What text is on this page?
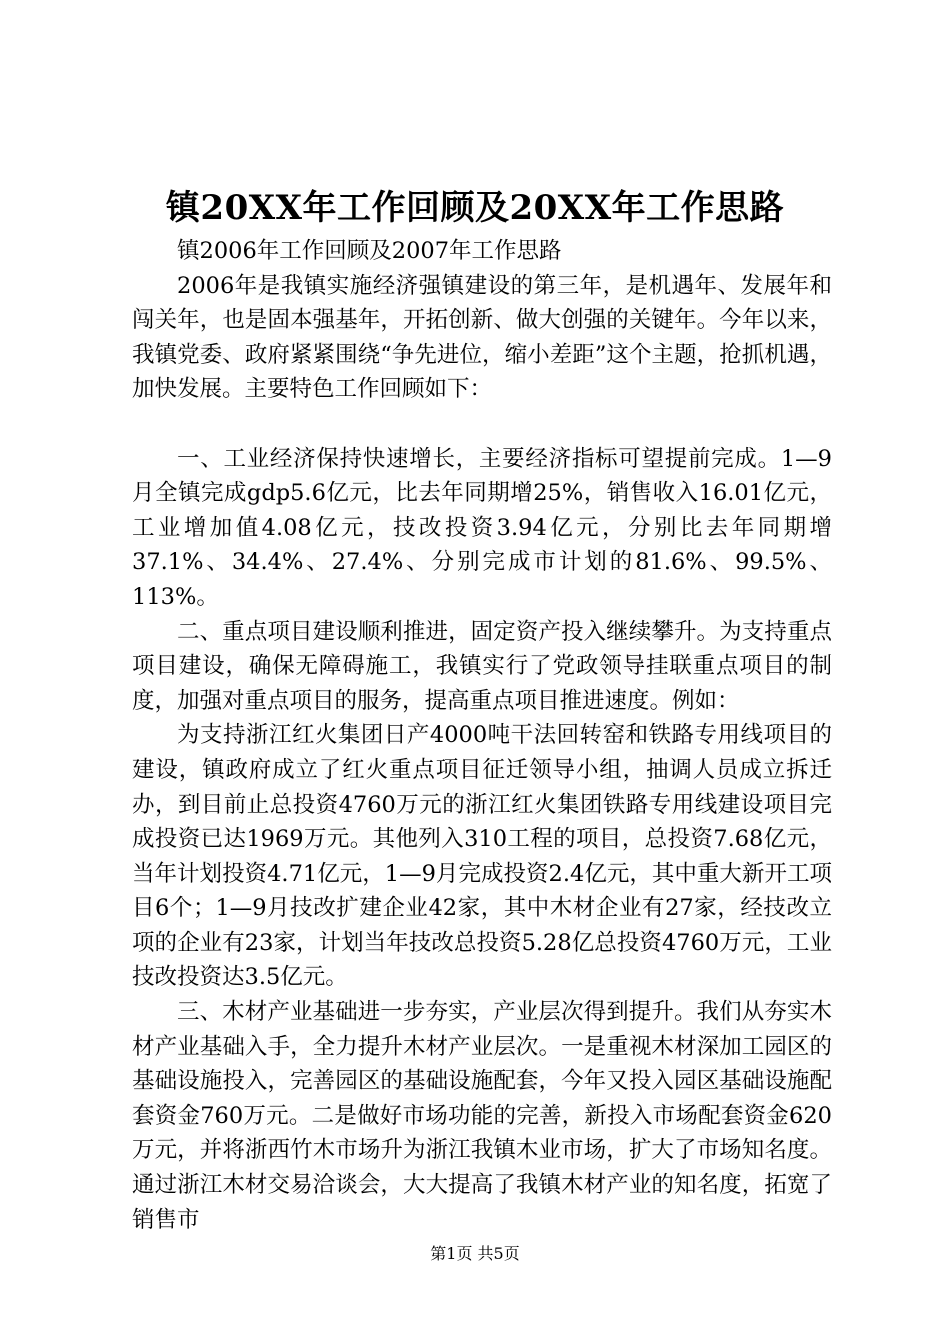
镇20XX年工作回顾及20XX年工作思路

镇2006年工作回顾及2007年工作思路

2006年是我镇实施经济强镇建设的第三年，是机遇年、发展年和闯关年，也是固本强基年，开拓创新、做大创强的关键年。今年以来，我镇党委、政府紧紧围绕“争先进位，缩小差距”这个主题，抢抓机遇，加快发展。主要特色工作回顾如下：

一、工业经济保持快速增长，主要经济指标可望提前完成。1—9月全镇完成gdp5.6亿元，比去年同期增25%，销售收入16.01亿元，工业增加值4.08亿元，技改投资3.94亿元，分别比去年同期增37.1%、34.4%、27.4%、分别完成市计划的81.6%、99.5%、113%。

二、重点项目建设顺利推进，固定资产投入继续攀升。为支持重点项目建设，确保无障碍施工，我镇实行了党政领导挂联重点项目的制度，加强对重点项目的服务，提高重点项目推进速度。例如：

为支持浙江红火集团日产4000吨干法回转窑和铁路专用线项目的建设，镇政府成立了红火重点项目征迁领导小组，抽调人员成立拆迁办，到目前止总投资4760万元的浙江红火集团铁路专用线建设项目完成投资已达1969万元。其他列入310工程的项目，总投资7.68亿元，当年计划投资4.71亿元，1—9月完成投资2.4亿元，其中重大新开工项目6个；1—9月技改扩建企业42家，其中木材企业有27家，经技改立项的企业有23家，计划当年技改总投资5.28亿总投资4760万元，工业技改投资达3.5亿元。

三、木材产业基础进一步夯实，产业层次得到提升。我们从夯实木材产业基础入手，全力提升木材产业层次。一是重视木材深加工园区的基础设施投入，完善园区的基础设施配套，今年又投入园区基础设施配套资金760万元。二是做好市场功能的完善，新投入市场配套资金620万元，并将浙西竹木市场升为浙江我镇木业市场，扩大了市场知名度。通过浙江木材交易洽谈会，大大提高了我镇木材产业的知名度，拓宽了销售市

第1页 共5页
